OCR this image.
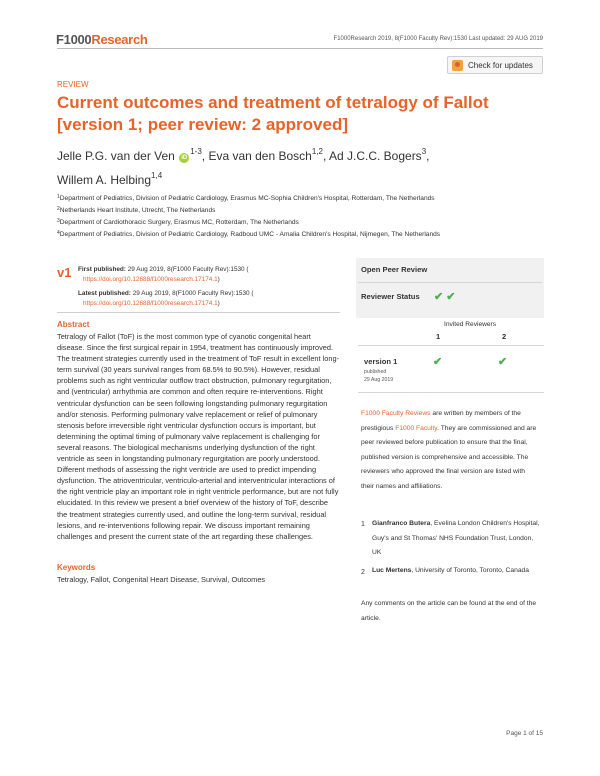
F1000Research	F1000Research 2019, 8(F1000 Faculty Rev):1530 Last updated: 29 AUG 2019
Check for updates
REVIEW
Current outcomes and treatment of tetralogy of Fallot [version 1; peer review: 2 approved]
Jelle P.G. van der Ven $iD^{1-3}$, Eva van den Bosch$^{1,2}$, Ad J.C.C. Bogers$^3$,
Willem A. Helbing$^{1,4}$
$^1$Department of Pediatrics, Division of Pediatric Cardiology, Erasmus MC-Sophia Children's Hospital, Rotterdam, The Netherlands
$^2$Netherlands Heart Institute, Utrecht, The Netherlands
$^3$Department of Cardiothoracic Surgery, Erasmus MC, Rotterdam, The Netherlands
$^4$Department of Pediatrics, Division of Pediatric Cardiology, Radboud UMC - Amalia Children's Hospital, Nijmegen, The Netherlands
v1 First published: 29 Aug 2019, 8(F1000 Faculty Rev):1530 (
https://doi.org/10.12688/f1000research.17174.1)
Latest published: 29 Aug 2019, 8(F1000 Faculty Rev):1530 (
https://doi.org/10.12688/f1000research.17174.1)
Abstract
Tetralogy of Fallot (ToF) is the most common type of cyanotic congenital heart disease. Since the first surgical repair in 1954, treatment has continuously improved. The treatment strategies currently used in the treatment of ToF result in excellent long-term survival (30 years survival ranges from 68.5% to 90.5%). However, residual problems such as right ventricular outflow tract obstruction, pulmonary regurgitation, and (ventricular) arrhythmia are common and often require re-interventions. Right ventricular dysfunction can be seen following longstanding pulmonary regurgitation and/or stenosis. Performing pulmonary valve replacement or relief of pulmonary stenosis before irreversible right ventricular dysfunction occurs is important, but determining the optimal timing of pulmonary valve replacement is challenging for several reasons. The biological mechanisms underlying dysfunction of the right ventricle as seen in longstanding pulmonary regurgitation are poorly understood. Different methods of assessing the right ventricle are used to predict impending dysfunction. The atrioventricular, ventriculo-arterial and interventricular interactions of the right ventricle play an important role in right ventricle performance, but are not fully elucidated. In this review we present a brief overview of the history of ToF, describe the treatment strategies currently used, and outline the long-term survival, residual lesions, and re-interventions following repair. We discuss important remaining challenges and present the current state of the art regarding these challenges.
Keywords
Tetralogy, Fallot, Congenital Heart Disease, Survival, Outcomes
Open Peer Review
Reviewer Status ✔ ✔
Invited Reviewers
1	2
version 1
published
29 Aug 2019
✔	✔
F1000 Faculty Reviews are written by members of the prestigious F1000 Faculty. They are commissioned and are peer reviewed before publication to ensure that the final, published version is comprehensive and accessible. The reviewers who approved the final version are listed with their names and affiliations.
1 Gianfranco Butera, Evelina London Children's Hospital, Guy's and St Thomas' NHS Foundation Trust, London, UK
2 Luc Mertens, University of Toronto, Toronto, Canada
Any comments on the article can be found at the end of the article.
Page 1 of 15
